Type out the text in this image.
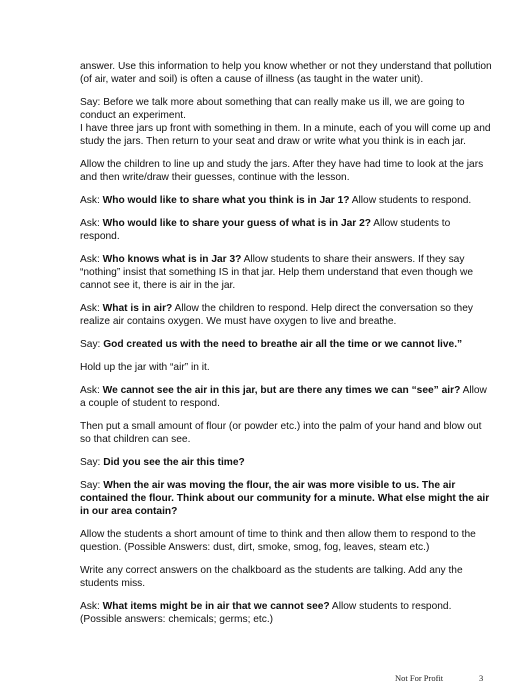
answer. Use this information to help you know whether or not they understand that pollution (of air, water and soil) is often a cause of illness (as taught in the water unit).

Say: Before we talk more about something that can really make us ill, we are going to conduct an experiment.
I have three jars up front with something in them. In a minute, each of you will come up and study the jars. Then return to your seat and draw or write what you think is in each jar.

Allow the children to line up and study the jars. After they have had time to look at the jars and then write/draw their guesses, continue with the lesson.

Ask: Who would like to share what you think is in Jar 1? Allow students to respond.

Ask: Who would like to share your guess of what is in Jar 2? Allow students to respond.

Ask: Who knows what is in Jar 3? Allow students to share their answers. If they say “nothing” insist that something IS in that jar. Help them understand that even though we cannot see it, there is air in the jar.

Ask: What is in air? Allow the children to respond. Help direct the conversation so they realize air contains oxygen. We must have oxygen to live and breathe.

Say: God created us with the need to breathe air all the time or we cannot live.”

Hold up the jar with “air” in it.

Ask: We cannot see the air in this jar, but are there any times we can “see” air? Allow a couple of student to respond.

Then put a small amount of flour (or powder etc.) into the palm of your hand and blow out so that children can see.

Say: Did you see the air this time?

Say: When the air was moving the flour, the air was more visible to us. The air contained the flour. Think about our community for a minute. What else might the air in our area contain?

Allow the students a short amount of time to think and then allow them to respond to the question. (Possible Answers: dust, dirt, smoke, smog, fog, leaves, steam etc.)

Write any correct answers on the chalkboard as the students are talking. Add any the students miss.

Ask: What items might be in air that we cannot see? Allow students to respond. (Possible answers: chemicals; germs; etc.)

Not For Profit	3
